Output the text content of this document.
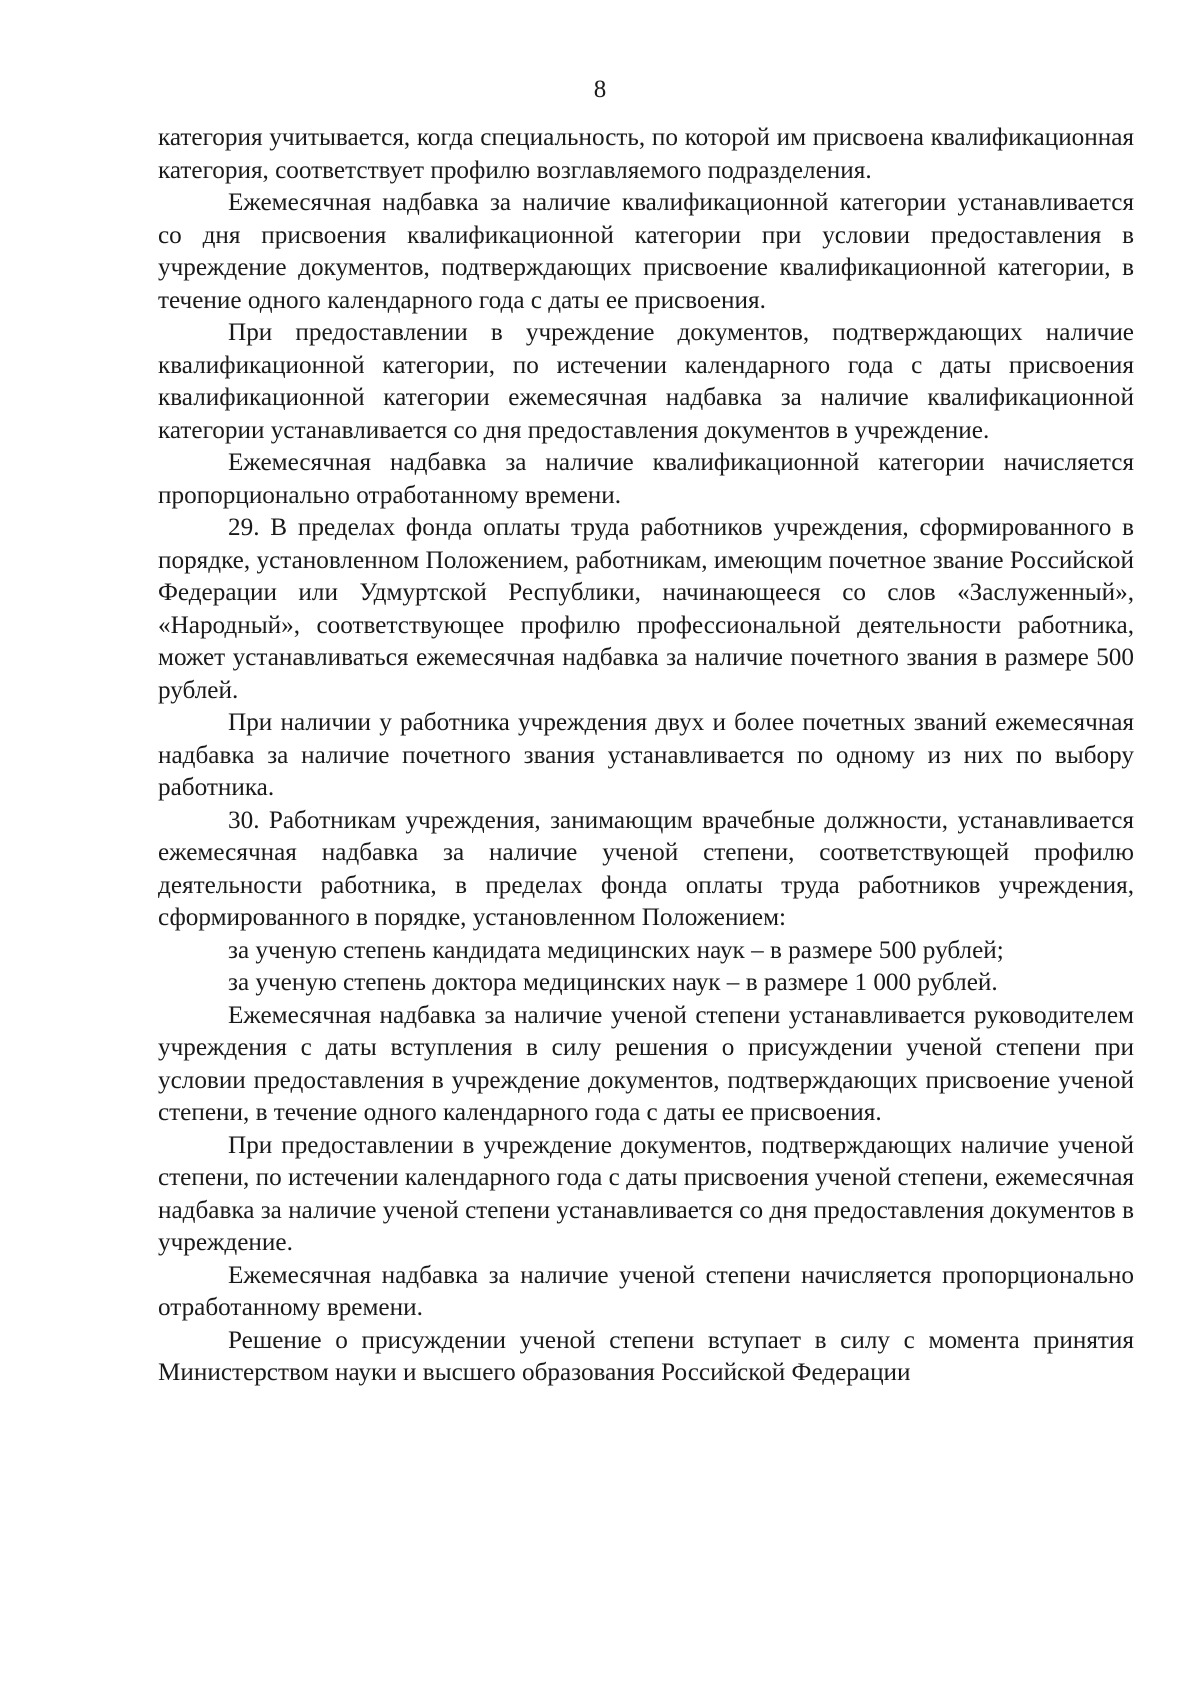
8

категория учитывается, когда специальность, по которой им присвоена квалификационная категория, соответствует профилю возглавляемого подразделения.

Ежемесячная надбавка за наличие квалификационной категории устанавливается со дня присвоения квалификационной категории при условии предоставления в учреждение документов, подтверждающих присвоение квалификационной категории, в течение одного календарного года с даты ее присвоения.

При предоставлении в учреждение документов, подтверждающих наличие квалификационной категории, по истечении календарного года с даты присвоения квалификационной категории ежемесячная надбавка за наличие квалификационной категории устанавливается со дня предоставления документов в учреждение.

Ежемесячная надбавка за наличие квалификационной категории начисляется пропорционально отработанному времени.

29. В пределах фонда оплаты труда работников учреждения, сформированного в порядке, установленном Положением, работникам, имеющим почетное звание Российской Федерации или Удмуртской Республики, начинающееся со слов «Заслуженный», «Народный», соответствующее профилю профессиональной деятельности работника, может устанавливаться ежемесячная надбавка за наличие почетного звания в размере 500 рублей.

При наличии у работника учреждения двух и более почетных званий ежемесячная надбавка за наличие почетного звания устанавливается по одному из них по выбору работника.

30. Работникам учреждения, занимающим врачебные должности, устанавливается ежемесячная надбавка за наличие ученой степени, соответствующей профилю деятельности работника, в пределах фонда оплаты труда работников учреждения, сформированного в порядке, установленном Положением:

за ученую степень кандидата медицинских наук – в размере 500 рублей;

за ученую степень доктора медицинских наук – в размере 1 000 рублей.

Ежемесячная надбавка за наличие ученой степени устанавливается руководителем учреждения с даты вступления в силу решения о присуждении ученой степени при условии предоставления в учреждение документов, подтверждающих присвоение ученой степени, в течение одного календарного года с даты ее присвоения.

При предоставлении в учреждение документов, подтверждающих наличие ученой степени, по истечении календарного года с даты присвоения ученой степени, ежемесячная надбавка за наличие ученой степени устанавливается со дня предоставления документов в учреждение.

Ежемесячная надбавка за наличие ученой степени начисляется пропорционально отработанному времени.

Решение о присуждении ученой степени вступает в силу с момента принятия Министерством науки и высшего образования Российской Федерации
